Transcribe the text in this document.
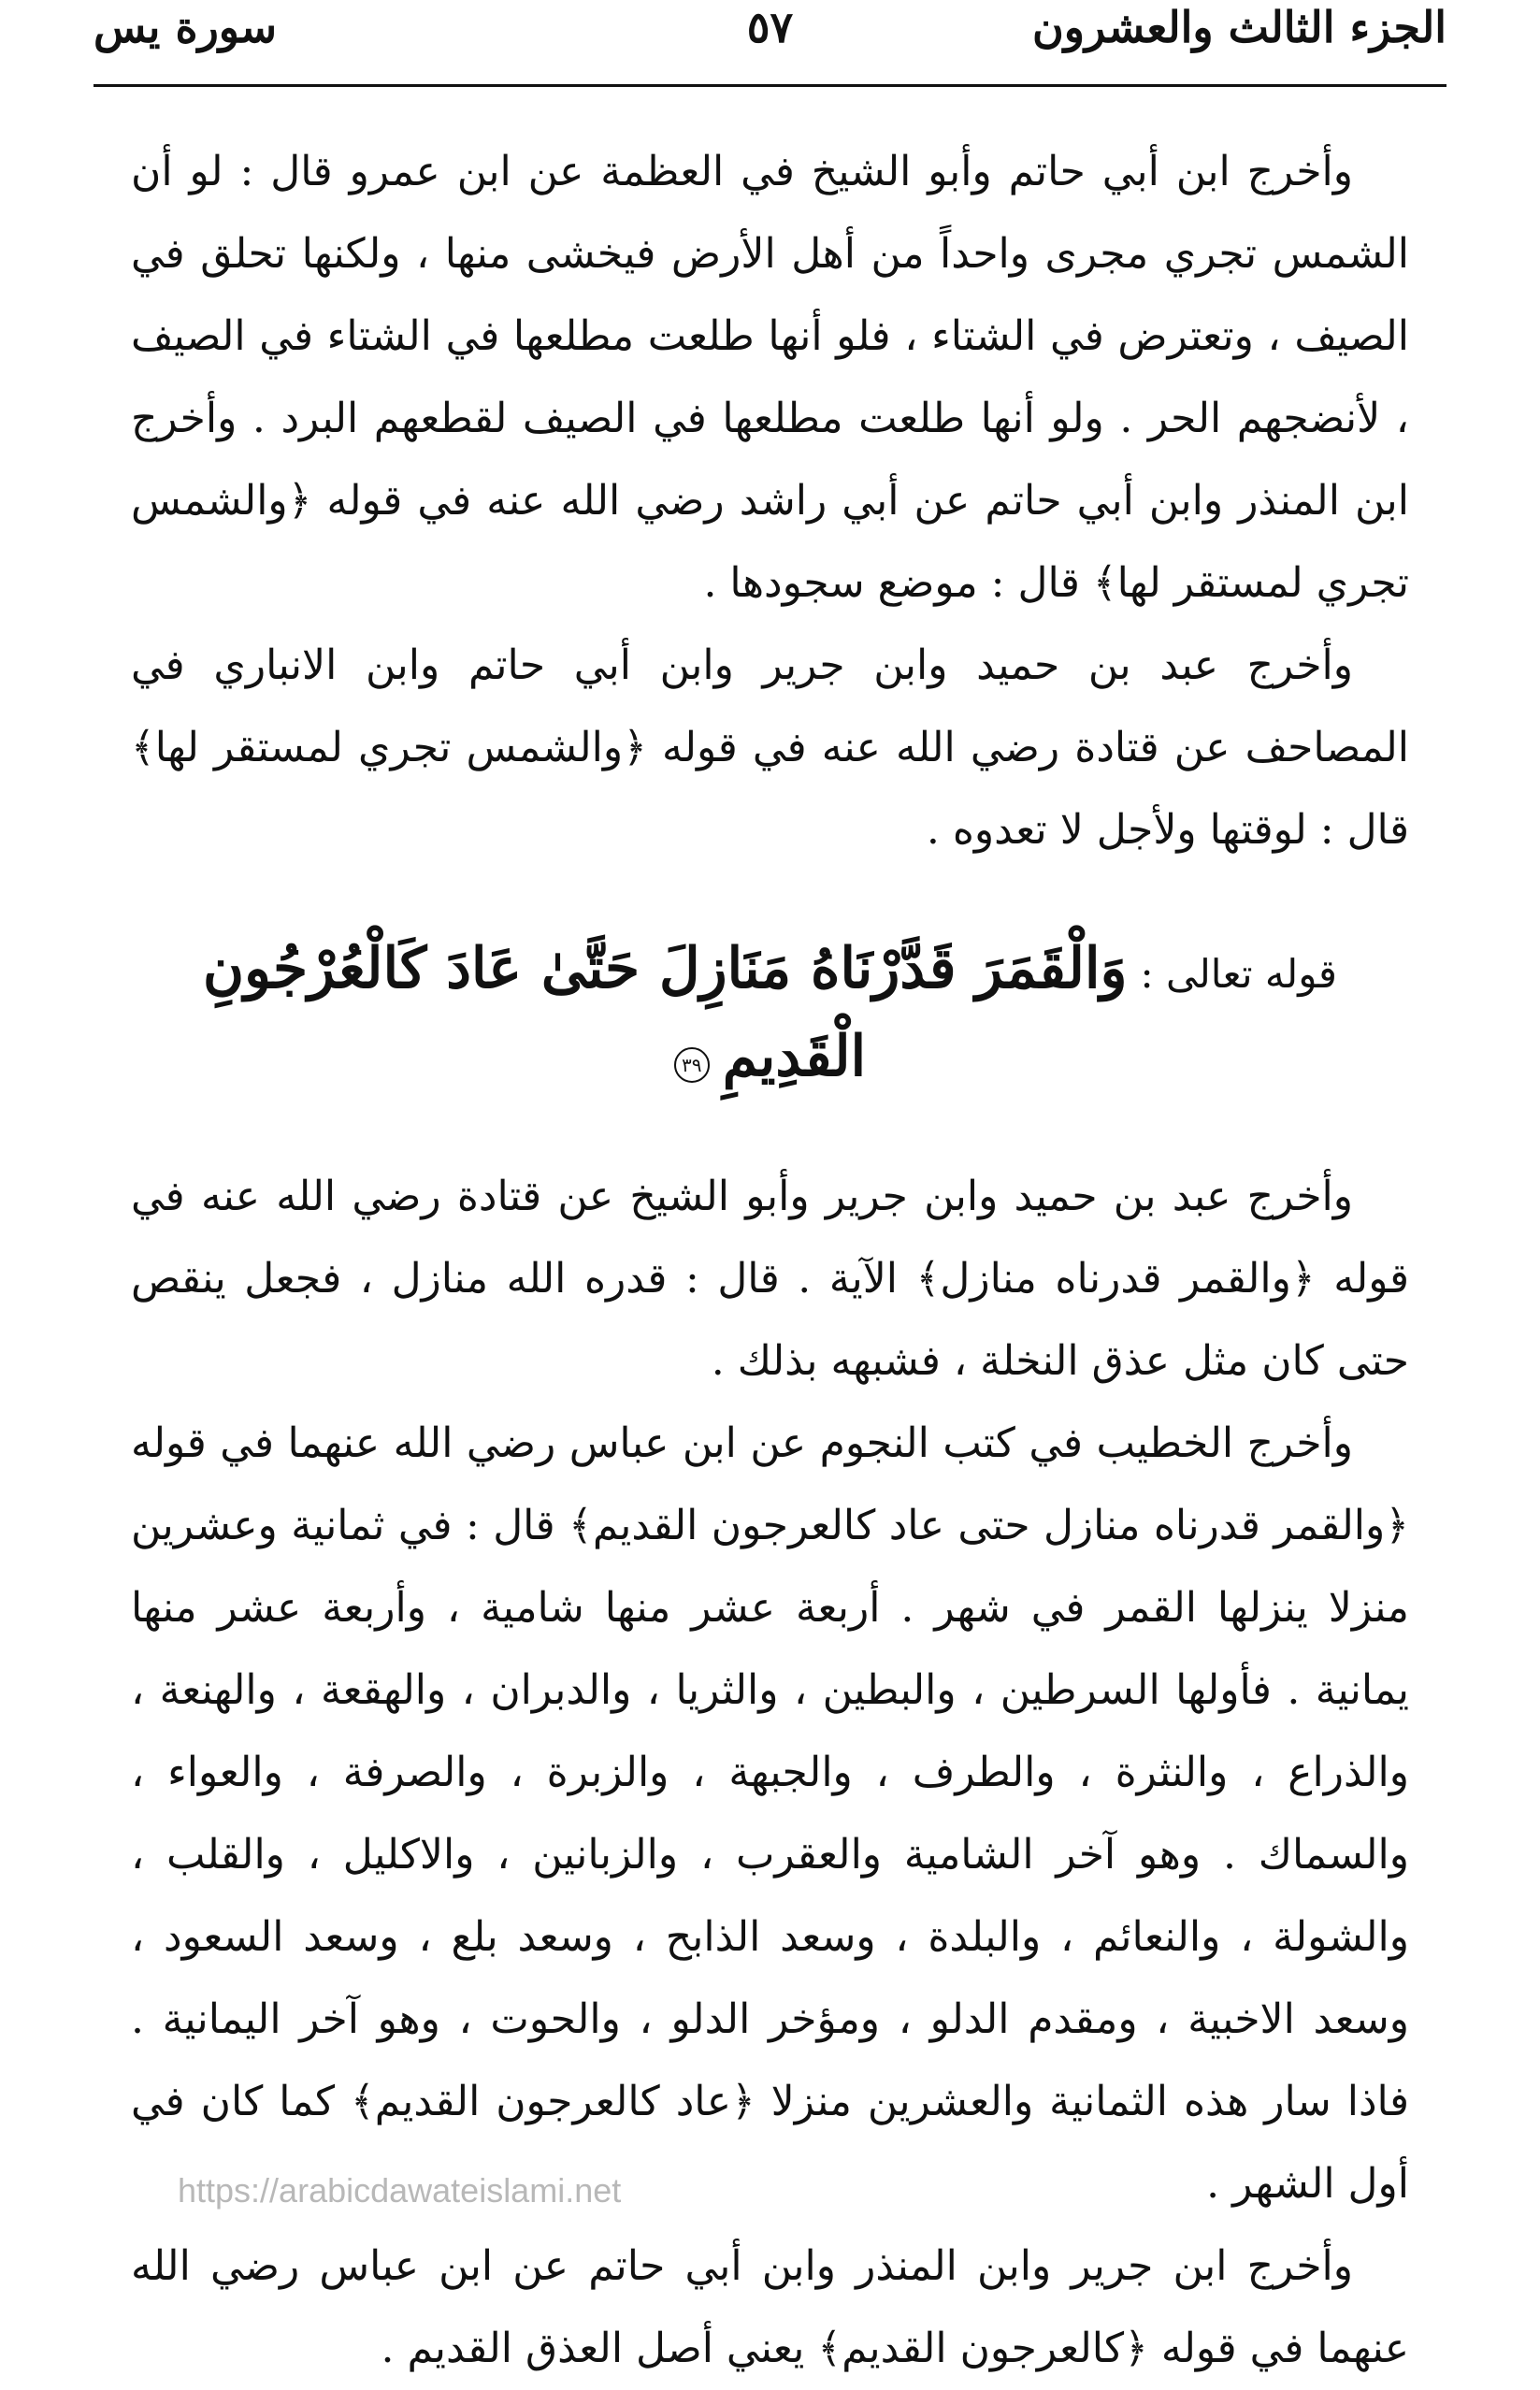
الجزء الثالث والعشرون
٥٧
سورة يس

وأخرج ابن أبي حاتم وأبو الشيخ في العظمة عن ابن عمرو قال : لو أن الشمس تجري مجرى واحداً من أهل الأرض فيخشى منها ، ولكنها تحلق في الصيف ، وتعترض في الشتاء ، فلو أنها طلعت مطلعها في الشتاء في الصيف ، لأنضجهم الحر . ولو أنها طلعت مطلعها في الصيف لقطعهم البرد . وأخرج ابن المنذر وابن أبي حاتم عن أبي راشد رضي الله عنه في قوله ﴿والشمس تجري لمستقر لها﴾ قال : موضع سجودها .

وأخرج عبد بن حميد وابن جرير وابن أبي حاتم وابن الانباري في المصاحف عن قتادة رضي الله عنه في قوله ﴿والشمس تجري لمستقر لها﴾ قال : لوقتها ولأجل لا تعدوه .

قوله تعالى : وَالْقَمَرَ قَدَّرْنَاهُ مَنَازِلَ حَتَّىٰ عَادَ كَالْعُرْجُونِ الْقَدِيمِ ٣٩

وأخرج عبد بن حميد وابن جرير وأبو الشيخ عن قتادة رضي الله عنه في قوله ﴿والقمر قدرناه منازل﴾ الآية . قال : قدره الله منازل ، فجعل ينقص حتى كان مثل عذق النخلة ، فشبهه بذلك .

وأخرج الخطيب في كتب النجوم عن ابن عباس رضي الله عنهما في قوله ﴿والقمر قدرناه منازل حتى عاد كالعرجون القديم﴾ قال : في ثمانية وعشرين منزلا ينزلها القمر في شهر . أربعة عشر منها شامية ، وأربعة عشر منها يمانية . فأولها السرطين ، والبطين ، والثريا ، والدبران ، والهقعة ، والهنعة ، والذراع ، والنثرة ، والطرف ، والجبهة ، والزبرة ، والصرفة ، والعواء ، والسماك . وهو آخر الشامية والعقرب ، والزبانين ، والاكليل ، والقلب ، والشولة ، والنعائم ، والبلدة ، وسعد الذابح ، وسعد بلع ، وسعد السعود ، وسعد الاخبية ، ومقدم الدلو ، ومؤخر الدلو ، والحوت ، وهو آخر اليمانية . فاذا سار هذه الثمانية والعشرين منزلا ﴿عاد كالعرجون القديم﴾ كما كان في أول الشهر .

وأخرج ابن جرير وابن المنذر وابن أبي حاتم عن ابن عباس رضي الله عنهما في قوله ﴿كالعرجون القديم﴾ يعني أصل العذق القديم .

https://arabicdawateislami.net
